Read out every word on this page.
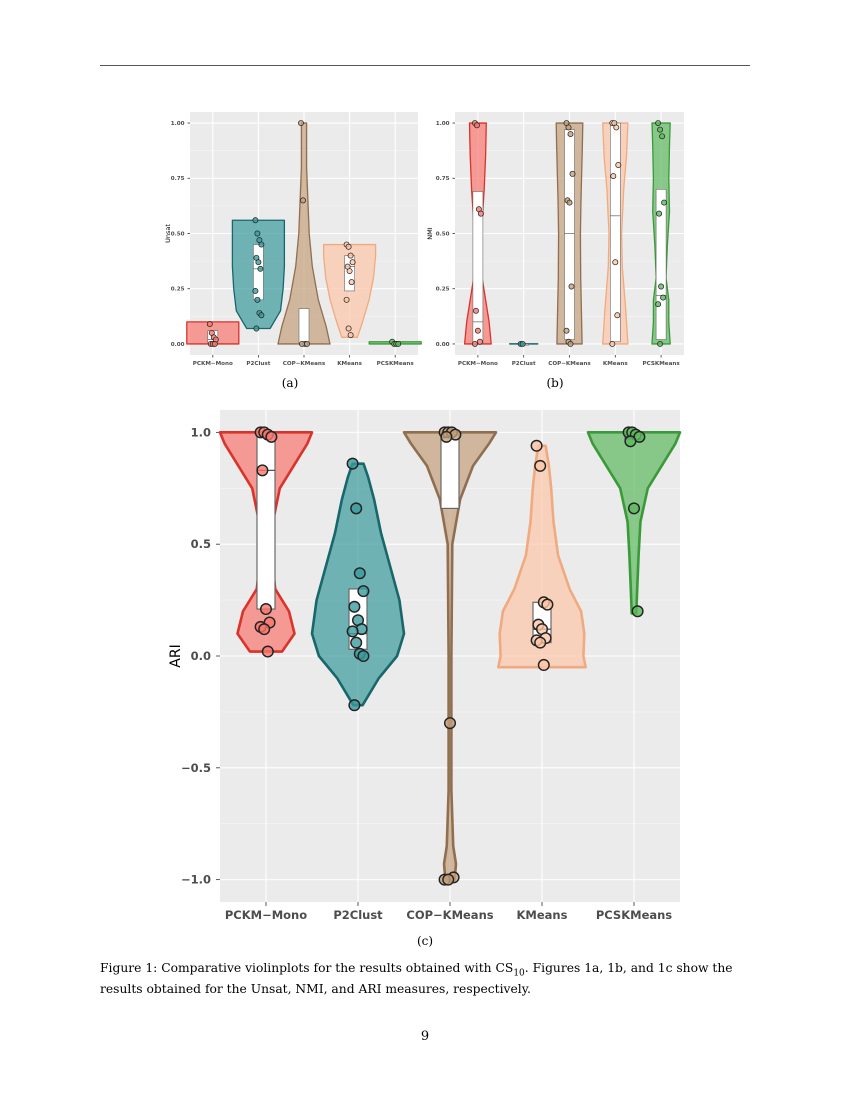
0.00
0.25
0.50
0.75
1.00
Unsat
PCKM−Mono P2Clust COP−KMeans KMeans	PCSKMeans
(a)
0.00
0.25
0.50
0.75
1.00
NMI
PCKM−Mono P2Clust COP−KMeans KMeans	PCSKMeans
(b)
−1.0
−0.5
0.0
0.5
1.0
ARI
PCKM−Mono P2Clust COP−KMeans KMeans PCSKMeans
(c)
Figure 1: Comparative violinplots for the results obtained with $CS_{10}$. Figures 1a, 1b, and 1c show the results obtained for the Unsat, NMI, and ARI measures, respectively.
9
